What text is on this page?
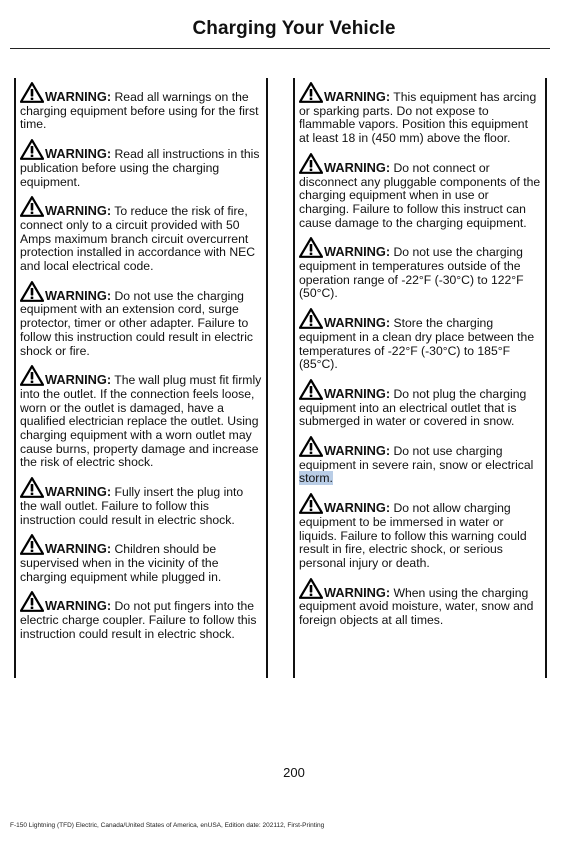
Charging Your Vehicle
WARNING: Read all warnings on the charging equipment before using for the first time.
WARNING: Read all instructions in this publication before using the charging equipment.
WARNING: To reduce the risk of fire, connect only to a circuit provided with 50 Amps maximum branch circuit overcurrent protection installed in accordance with NEC and local electrical code.
WARNING: Do not use the charging equipment with an extension cord, surge protector, timer or other adapter. Failure to follow this instruction could result in electric shock or fire.
WARNING: The wall plug must fit firmly into the outlet. If the connection feels loose, worn or the outlet is damaged, have a qualified electrician replace the outlet. Using charging equipment with a worn outlet may cause burns, property damage and increase the risk of electric shock.
WARNING: Fully insert the plug into the wall outlet. Failure to follow this instruction could result in electric shock.
WARNING: Children should be supervised when in the vicinity of the charging equipment while plugged in.
WARNING: Do not put fingers into the electric charge coupler. Failure to follow this instruction could result in electric shock.
WARNING: This equipment has arcing or sparking parts. Do not expose to flammable vapors. Position this equipment at least 18 in (450 mm) above the floor.
WARNING: Do not connect or disconnect any pluggable components of the charging equipment when in use or charging. Failure to follow this instruct can cause damage to the charging equipment.
WARNING: Do not use the charging equipment in temperatures outside of the operation range of -22°F (-30°C) to 122°F (50°C).
WARNING: Store the charging equipment in a clean dry place between the temperatures of -22°F (-30°C) to 185°F (85°C).
WARNING: Do not plug the charging equipment into an electrical outlet that is submerged in water or covered in snow.
WARNING: Do not use charging equipment in severe rain, snow or electrical storm.
WARNING: Do not allow charging equipment to be immersed in water or liquids. Failure to follow this warning could result in fire, electric shock, or serious personal injury or death.
WARNING: When using the charging equipment avoid moisture, water, snow and foreign objects at all times.
200
F-150 Lightning (TFD) Electric, Canada/United States of America, enUSA, Edition date: 202112, First-Printing
